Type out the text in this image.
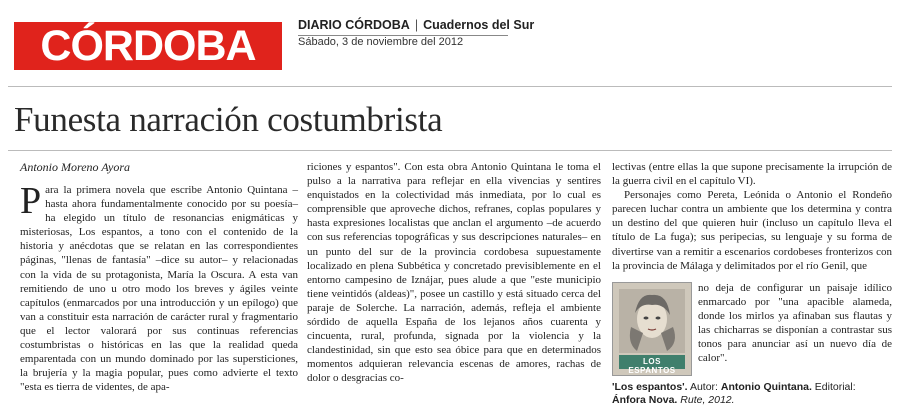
CÓRDOBA	DIARIO CÓRDOBA | Cuadernos del Sur
Sábado, 3 de noviembre del 2012
Funesta narración costumbrista
Antonio Moreno Ayora
P ara la primera novela que escribe Antonio Quintana –hasta ahora fundamentalmente conocido por su poesía– ha elegido un título de resonancias enigmáticas y misteriosas, Los espantos, a tono con el contenido de la historia y anécdotas que se relatan en las correspondientes páginas, "llenas de fantasía" –dice su autor– y relacionadas con la vida de su protagonista, María la Oscura. A esta van remitiendo de uno u otro modo los breves y ágiles veinte capítulos (enmarcados por una introducción y un epílogo) que van a constituir esta narración de carácter rural y fragmentario que el lector valorará por sus continuas referencias costumbristas o históricas en las que la realidad queda emparentada con un mundo dominado por las supersticiones, la brujería y la magia popular, pues como advierte el texto "esta es tierra de videntes, de apa-

riciones y espantos". Con esta obra Antonio Quintana le toma el pulso a la narrativa para reflejar en ella vivencias y sentires enquistados en la colectividad más inmediata, por lo cual es comprensible que aproveche dichos, refranes, coplas populares y hasta expresiones localistas que anclan el argumento –de acuerdo con sus referencias topográficas y sus descripciones naturales– en un punto del sur de la provincia cordobesa supuestamente localizado en plena Subbética y concretado previsiblemente en el entorno campesino de Iznájar, pues alude a que "este municipio tiene veintidós (aldeas)", posee un castillo y está situado cerca del paraje de Solerche. La narración, además, refleja el ambiente sórdido de aquella España de los lejanos años cuarenta y cincuenta, rural, profunda, signada por la violencia y la clandestinidad, sin que esto sea óbice para que en determinados momentos adquieran relevancia escenas de amores, rachas de dolor o desgracias co-

lectivas (entre ellas la que supone precisamente la irrupción de la guerra civil en el capítulo VI).

Personajes como Pereta, Leónida o Antonio el Rondeño parecen luchar contra un ambiente que los determina y contra un destino del que quieren huir (incluso un capítulo lleva el título de La fuga); sus peripecias, su lenguaje y su forma de divertirse van a remitir a escenarios cordobeses fronterizos con la provincia de Málaga y delimitados por el río Genil, que

LOS ESPANTOS

no deja de configurar un paisaje idílico enmarcado por "una apacible alameda, donde los mirlos ya afinaban sus flautas y las chicharras se disponían a contrastar sus tonos para anunciar así un nuevo día de calor".

'Los espantos'. Autor: Antonio Quintana. Editorial: Ánfora Nova. Rute, 2012.
